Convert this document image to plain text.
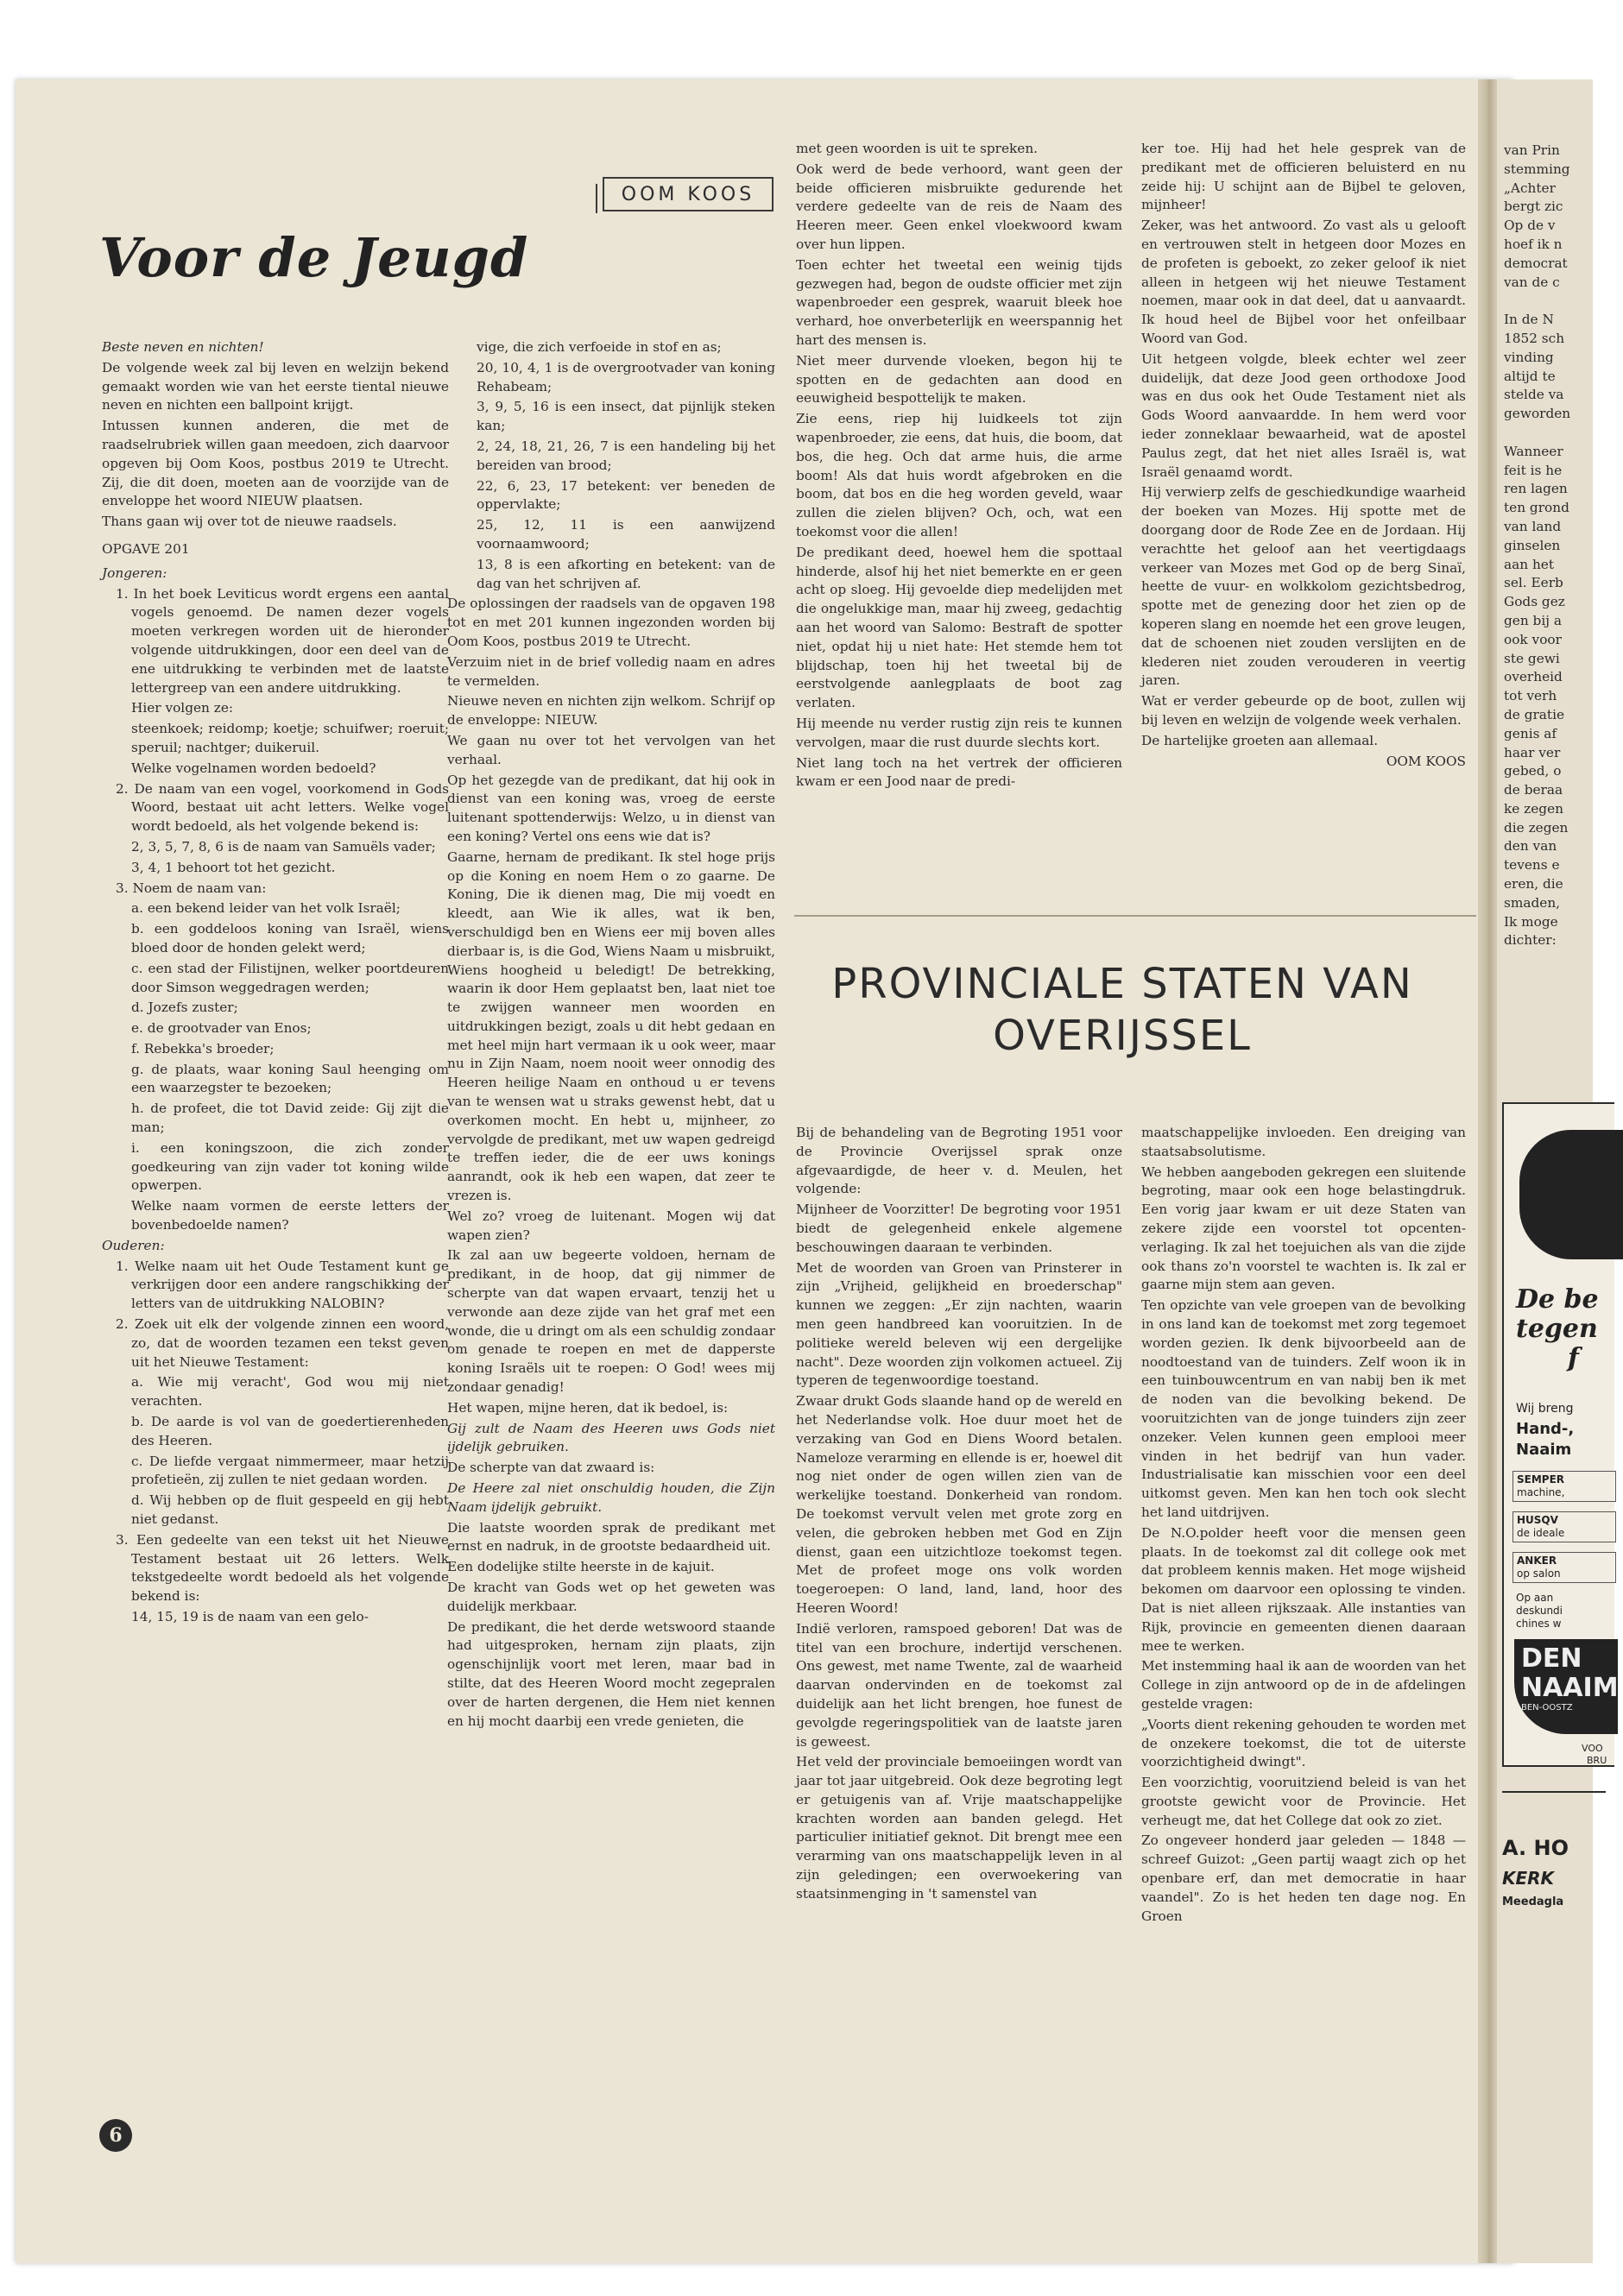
OOM KOOS
Voor de Jeugd

Beste neven en nichten!

De volgende week zal bij leven en welzijn bekend gemaakt worden wie van het eerste tiental nieuwe neven en nichten een ballpoint krijgt.

Intussen kunnen anderen, die met de raadselrubriek willen gaan meedoen, zich daarvoor opgeven bij Oom Koos, postbus 2019 te Utrecht. Zij, die dit doen, moeten aan de voorzijde van de enveloppe het woord NIEUW plaatsen.

Thans gaan wij over tot de nieuwe raadsels.

OPGAVE 201

Jongeren:

1. In het boek Leviticus wordt ergens een aantal vogels genoemd. De namen dezer vogels moeten verkregen worden uit de hieronder volgende uitdrukkingen, door een deel van de ene uitdrukking te verbinden met de laatste lettergreep van een andere uitdrukking.

Hier volgen ze:

steenkoek; reidomp; koetje; schuifwer; roeruit; speruil; nachtger; duikeruil.

Welke vogelnamen worden bedoeld?

2. De naam van een vogel, voorkomend in Gods Woord, bestaat uit acht letters. Welke vogel wordt bedoeld, als het volgende bekend is:

2, 3, 5, 7, 8, 6 is de naam van Samuëls vader;

3, 4, 1 behoort tot het gezicht.

3. Noem de naam van:

a. een bekend leider van het volk Israël;

b. een goddeloos koning van Israël, wiens bloed door de honden gelekt werd;

c. een stad der Filistijnen, welker poortdeuren door Simson weggedragen werden;

d. Jozefs zuster;

e. de grootvader van Enos;

f. Rebekka's broeder;

g. de plaats, waar koning Saul heenging om een waarzegster te bezoeken;

h. de profeet, die tot David zeide: Gij zijt die man;

i. een koningszoon, die zich zonder goedkeuring van zijn vader tot koning wilde opwerpen.

Welke naam vormen de eerste letters der bovenbedoelde namen?

Ouderen:

1. Welke naam uit het Oude Testament kunt ge verkrijgen door een andere rangschikking der letters van de uitdrukking NALOBIN?

2. Zoek uit elk der volgende zinnen een woord, zo, dat de woorden tezamen een tekst geven uit het Nieuwe Testament:

a. Wie mij veracht', God wou mij niet verachten.

b. De aarde is vol van de goedertierenheden des Heeren.

c. De liefde vergaat nimmermeer, maar hetzij profetieën, zij zullen te niet gedaan worden.

d. Wij hebben op de fluit gespeeld en gij hebt niet gedanst.

3. Een gedeelte van een tekst uit het Nieuwe Testament bestaat uit 26 letters. Welk tekstgedeelte wordt bedoeld als het volgende bekend is:

14, 15, 19 is de naam van een gelo-

vige, die zich verfoeide in stof en as;

20, 10, 4, 1 is de overgrootvader van koning Rehabeam;

3, 9, 5, 16 is een insect, dat pijnlijk steken kan;

2, 24, 18, 21, 26, 7 is een handeling bij het bereiden van brood;

22, 6, 23, 17 betekent: ver beneden de oppervlakte;

25, 12, 11 is een aanwijzend voornaamwoord;

13, 8 is een afkorting en betekent: van de dag van het schrijven af.

De oplossingen der raadsels van de opgaven 198 tot en met 201 kunnen ingezonden worden bij Oom Koos, postbus 2019 te Utrecht.

Verzuim niet in de brief volledig naam en adres te vermelden.

Nieuwe neven en nichten zijn welkom. Schrijf op de enveloppe: NIEUW.

We gaan nu over tot het vervolgen van het verhaal.

Op het gezegde van de predikant, dat hij ook in dienst van een koning was, vroeg de eerste luitenant spottenderwijs: Welzo, u in dienst van een koning? Vertel ons eens wie dat is?

Gaarne, hernam de predikant. Ik stel hoge prijs op die Koning en noem Hem o zo gaarne. De Koning, Die ik dienen mag, Die mij voedt en kleedt, aan Wie ik alles, wat ik ben, verschuldigd ben en Wiens eer mij boven alles dierbaar is, is die God, Wiens Naam u misbruikt, Wiens hoogheid u beledigt! De betrekking, waarin ik door Hem geplaatst ben, laat niet toe te zwijgen wanneer men woorden en uitdrukkingen bezigt, zoals u dit hebt gedaan en met heel mijn hart vermaan ik u ook weer, maar nu in Zijn Naam, noem nooit weer onnodig des Heeren heilige Naam en onthoud u er tevens van te wensen wat u straks gewenst hebt, dat u overkomen mocht. En hebt u, mijnheer, zo vervolgde de predikant, met uw wapen gedreigd te treffen ieder, die de eer uws konings aanrandt, ook ik heb een wapen, dat zeer te vrezen is.

Wel zo? vroeg de luitenant. Mogen wij dat wapen zien?

Ik zal aan uw begeerte voldoen, hernam de predikant, in de hoop, dat gij nimmer de scherpte van dat wapen ervaart, tenzij het u verwonde aan deze zijde van het graf met een wonde, die u dringt om als een schuldig zondaar om genade te roepen en met de dapperste koning Israëls uit te roepen: O God! wees mij zondaar genadig!

Het wapen, mijne heren, dat ik bedoel, is:

Gij zult de Naam des Heeren uws Gods niet ijdelijk gebruiken.

De scherpte van dat zwaard is:

De Heere zal niet onschuldig houden, die Zijn Naam ijdelijk gebruikt.

Die laatste woorden sprak de predikant met ernst en nadruk, in de grootste bedaardheid uit.

Een dodelijke stilte heerste in de kajuit.

De kracht van Gods wet op het geweten was duidelijk merkbaar.

De predikant, die het derde wetswoord staande had uitgesproken, hernam zijn plaats, zijn ogenschijnlijk voort met leren, maar bad in stilte, dat des Heeren Woord mocht zegepralen over de harten dergenen, die Hem niet kennen en hij mocht daarbij een vrede genieten, die

met geen woorden is uit te spreken.

Ook werd de bede verhoord, want geen der beide officieren misbruikte gedurende het verdere gedeelte van de reis de Naam des Heeren meer. Geen enkel vloekwoord kwam over hun lippen.

Toen echter het tweetal een weinig tijds gezwegen had, begon de oudste officier met zijn wapenbroeder een gesprek, waaruit bleek hoe verhard, hoe onverbeterlijk en weerspannig het hart des mensen is.

Niet meer durvende vloeken, begon hij te spotten en de gedachten aan dood en eeuwigheid bespottelijk te maken.

Zie eens, riep hij luidkeels tot zijn wapenbroeder, zie eens, dat huis, die boom, dat bos, die heg. Och dat arme huis, die arme boom! Als dat huis wordt afgebroken en die boom, dat bos en die heg worden geveld, waar zullen die zielen blijven? Och, och, wat een toekomst voor die allen!

De predikant deed, hoewel hem die spottaal hinderde, alsof hij het niet bemerkte en er geen acht op sloeg. Hij gevoelde diep medelijden met die ongelukkige man, maar hij zweeg, gedachtig aan het woord van Salomo: Bestraft de spotter niet, opdat hij u niet hate: Het stemde hem tot blijdschap, toen hij het tweetal bij de eerstvolgende aanlegplaats de boot zag verlaten.

Hij meende nu verder rustig zijn reis te kunnen vervolgen, maar die rust duurde slechts kort.

Niet lang toch na het vertrek der officieren kwam er een Jood naar de predi-

ker toe. Hij had het hele gesprek van de predikant met de officieren beluisterd en nu zeide hij: U schijnt aan de Bijbel te geloven, mijnheer!

Zeker, was het antwoord. Zo vast als u gelooft en vertrouwen stelt in hetgeen door Mozes en de profeten is geboekt, zo zeker geloof ik niet alleen in hetgeen wij het nieuwe Testament noemen, maar ook in dat deel, dat u aanvaardt. Ik houd heel de Bijbel voor het onfeilbaar Woord van God.

Uit hetgeen volgde, bleek echter wel zeer duidelijk, dat deze Jood geen orthodoxe Jood was en dus ook het Oude Testament niet als Gods Woord aanvaardde. In hem werd voor ieder zonneklaar bewaarheid, wat de apostel Paulus zegt, dat het niet alles Israël is, wat Israël genaamd wordt.

Hij verwierp zelfs de geschiedkundige waarheid der boeken van Mozes. Hij spotte met de doorgang door de Rode Zee en de Jordaan. Hij verachtte het geloof aan het veertigdaags verkeer van Mozes met God op de berg Sinaï, heette de vuur- en wolkkolom gezichtsbedrog, spotte met de genezing door het zien op de koperen slang en noemde het een grove leugen, dat de schoenen niet zouden verslijten en de klederen niet zouden verouderen in veertig jaren.

Wat er verder gebeurde op de boot, zullen wij bij leven en welzijn de volgende week verhalen.

De hartelijke groeten aan allemaal.

OOM KOOS

PROVINCIALE STATEN VAN OVERIJSSEL

Bij de behandeling van de Begroting 1951 voor de Provincie Overijssel sprak onze afgevaardigde, de heer v. d. Meulen, het volgende:

Mijnheer de Voorzitter! De begroting voor 1951 biedt de gelegenheid enkele algemene beschouwingen daaraan te verbinden.

Met de woorden van Groen van Prinsterer in zijn „Vrijheid, gelijkheid en broederschap" kunnen we zeggen: „Er zijn nachten, waarin men geen handbreed kan vooruitzien. In de politieke wereld beleven wij een dergelijke nacht". Deze woorden zijn volkomen actueel. Zij typeren de tegenwoordige toestand.

Zwaar drukt Gods slaande hand op de wereld en het Nederlandse volk. Hoe duur moet het de verzaking van God en Diens Woord betalen. Nameloze verarming en ellende is er, hoewel dit nog niet onder de ogen willen zien van de werkelijke toestand. Donkerheid van rondom. De toekomst vervult velen met grote zorg en velen, die gebroken hebben met God en Zijn dienst, gaan een uitzichtloze toekomst tegen. Met de profeet moge ons volk worden toegeroepen: O land, land, land, hoor des Heeren Woord!

Indië verloren, ramspoed geboren! Dat was de titel van een brochure, indertijd verschenen. Ons gewest, met name Twente, zal de waarheid daarvan ondervinden en de toekomst zal duidelijk aan het licht brengen, hoe funest de gevolgde regeringspolitiek van de laatste jaren is geweest.

Het veld der provinciale bemoeiingen wordt van jaar tot jaar uitgebreid. Ook deze begroting legt er getuigenis van af. Vrije maatschappelijke krachten worden aan banden gelegd. Het particulier initiatief geknot. Dit brengt mee een verarming van ons maatschappelijk leven in al zijn geledingen; een overwoekering van staatsinmenging in 't samenstel van

maatschappelijke invloeden. Een dreiging van staatsabsolutisme.

We hebben aangeboden gekregen een sluitende begroting, maar ook een hoge belastingdruk. Een vorig jaar kwam er uit deze Staten van zekere zijde een voorstel tot opcenten-verlaging. Ik zal het toejuichen als van die zijde ook thans zo'n voorstel te wachten is. Ik zal er gaarne mijn stem aan geven.

Ten opzichte van vele groepen van de bevolking in ons land kan de toekomst met zorg tegemoet worden gezien. Ik denk bijvoorbeeld aan de noodtoestand van de tuinders. Zelf woon ik in een tuinbouwcentrum en van nabij ben ik met de noden van die bevolking bekend. De vooruitzichten van de jonge tuinders zijn zeer onzeker. Velen kunnen geen emplooi meer vinden in het bedrijf van hun vader. Industrialisatie kan misschien voor een deel uitkomst geven. Men kan hen toch ook slecht het land uitdrijven.

De N.O.polder heeft voor die mensen geen plaats. In de toekomst zal dit college ook met dat probleem kennis maken. Het moge wijsheid bekomen om daarvoor een oplossing te vinden. Dat is niet alleen rijkszaak. Alle instanties van Rijk, provincie en gemeenten dienen daaraan mee te werken.

Met instemming haal ik aan de woorden van het College in zijn antwoord op de in de afdelingen gestelde vragen:

„Voorts dient rekening gehouden te worden met de onzekere toekomst, die tot de uiterste voorzichtigheid dwingt".

Een voorzichtig, vooruitziend beleid is van het grootste gewicht voor de Provincie. Het verheugt me, dat het College dat ook zo ziet.

Zo ongeveer honderd jaar geleden — 1848 — schreef Guizot: „Geen partij waagt zich op het openbare erf, dan met democratie in haar vaandel". Zo is het heden ten dage nog. En Groen

6
van Prin
stemming
„Achter
bergt zic
Op de v
hoef ik n
democrat
van de c
In de N
1852 sch
vinding
altijd te
stelde va
geworden
Wanneer
feit is he
ren lagen
ten grond
van land
ginselen
aan het
sel. Eerb
Gods gez
gen bij a
ook voor
ste gewi
overheid
tot verh
de gratie
genis af
haar ver
gebed, o
de beraa
ke zegen
die zegen
den van
tevens e
eren, die
smaden,
Ik moge
dichter:
De be
tegen
f
Wij breng
Hand-,
Naaim
SEMPER
machine,
HUSQV
de ideale
ANKER
op salon
Op aan
deskundi
chines w
DEN NAAIM
BEN-OOSTZ
VOO
BRU
A. HO
KERK
Meedagla
